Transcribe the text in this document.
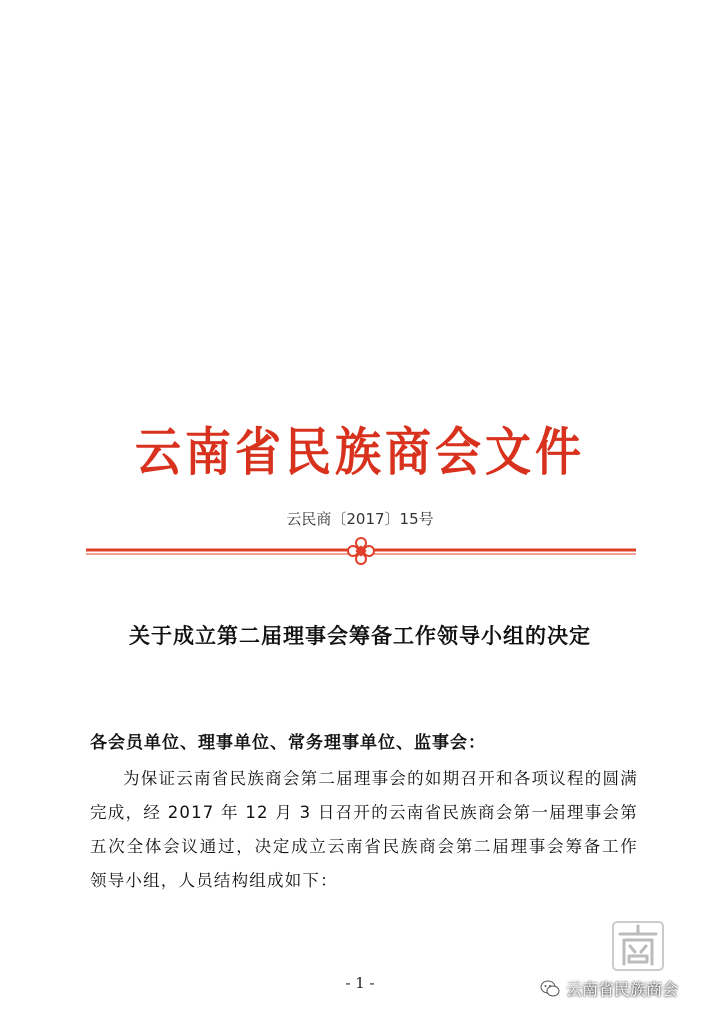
云南省民族商会文件
云民商〔2017〕15号
关于成立第二届理事会筹备工作领导小组的决定
各会员单位、理事单位、常务理事单位、监事会：
为保证云南省民族商会第二届理事会的如期召开和各项议程的圆满完成，经 2017 年 12 月 3 日召开的云南省民族商会第一届理事会第五次全体会议通过，决定成立云南省民族商会第二届理事会筹备工作领导小组，人员结构组成如下：
- 1 -	云南省民族商会
